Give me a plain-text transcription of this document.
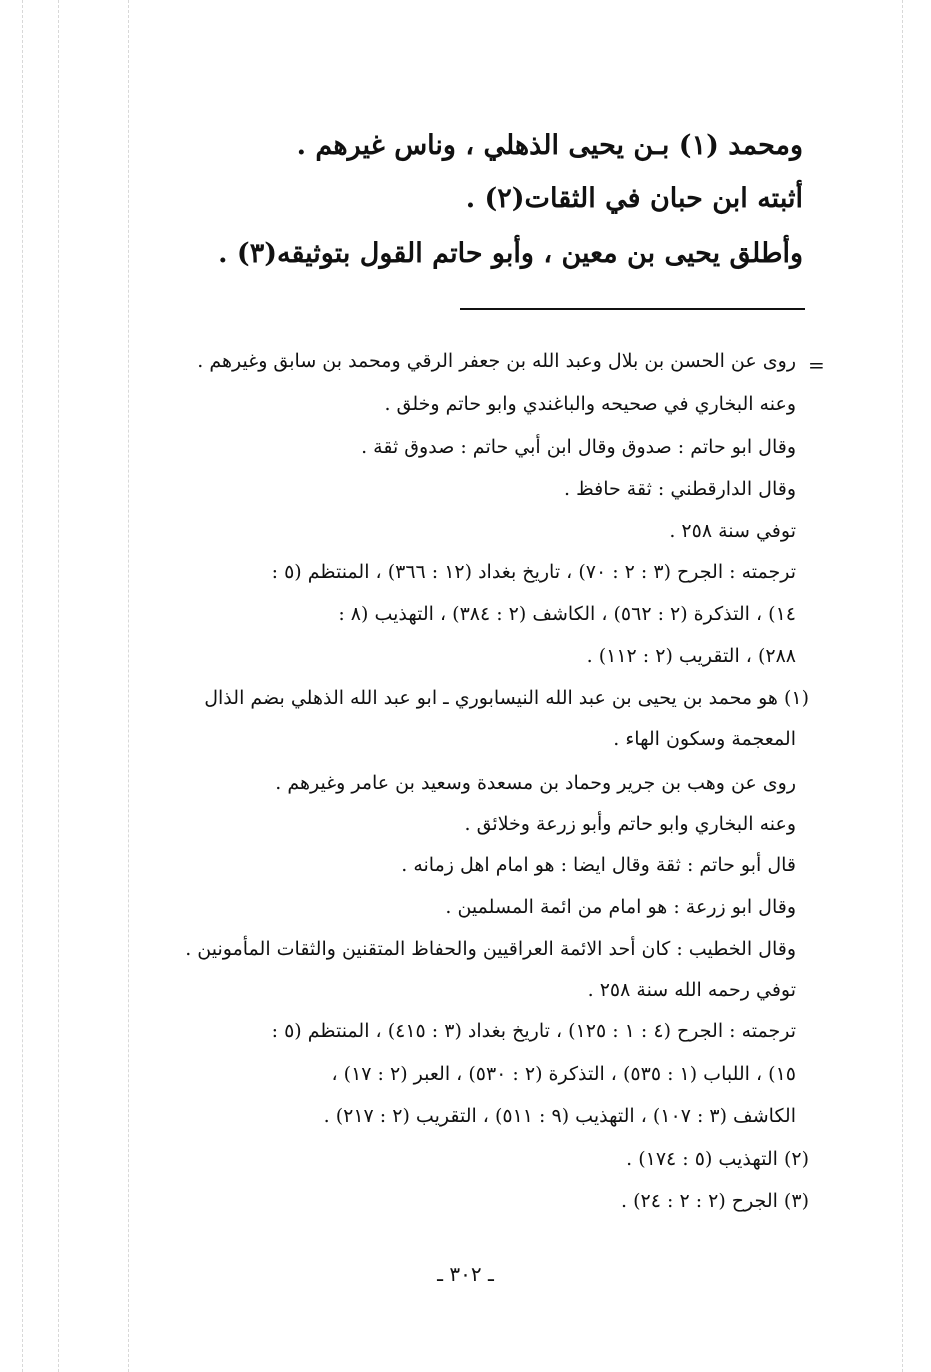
ومحمد (١) بـن يحيى الذهلي ، وناس غيرهم .
أثبته ابن حبان في الثقات(٢) .
وأطلق يحيى بن معين ، وأبو حاتم القول بتوثيقه(٣) .
=
روى عن الحسن بن بلال وعبد الله بن جعفر الرقي ومحمد بن سابق وغيرهم .
وعنه البخاري في صحيحه والباغندي وابو حاتم وخلق .
وقال ابو حاتم : صدوق وقال ابن أبي حاتم : صدوق ثقة .
وقال الدارقطني : ثقة حافظ .
توفي سنة ٢٥٨ .
ترجمته : الجرح (٣ : ٢ : ٧٠) ، تاريخ بغداد (١٢ : ٣٦٦) ، المنتظم (٥ :
١٤) ، التذكرة (٢ : ٥٦٢) ، الكاشف (٢ : ٣٨٤) ، التهذيب (٨ :
٢٨٨) ، التقريب (٢ : ١١٢) .
(١) هو محمد بن يحيى بن عبد الله النيسابوري ـ ابو عبد الله الذهلي بضم الذال
المعجمة وسكون الهاء .
روى عن وهب بن جرير وحماد بن مسعدة وسعيد بن عامر وغيرهم .
وعنه البخاري وابو حاتم وأبو زرعة وخلائق .
قال أبو حاتم : ثقة وقال ايضا : هو امام اهل زمانه .
وقال ابو زرعة : هو امام من ائمة المسلمين .
وقال الخطيب : كان أحد الائمة العراقيين والحفاظ المتقنين والثقات المأمونين .
توفي رحمه الله سنة ٢٥٨ .
ترجمته : الجرح (٤ : ١ : ١٢٥) ، تاريخ بغداد (٣ : ٤١٥) ، المنتظم (٥ :
١٥) ، اللباب (١ : ٥٣٥) ، التذكرة (٢ : ٥٣٠) ، العبر (٢ : ١٧) ،
الكاشف (٣ : ١٠٧) ، التهذيب (٩ : ٥١١) ، التقريب (٢ : ٢١٧) .
(٢) التهذيب (٥ : ١٧٤) .
(٣) الجرح (٢ : ٢ : ٢٤) .
ـ ٣٠٢ ـ
